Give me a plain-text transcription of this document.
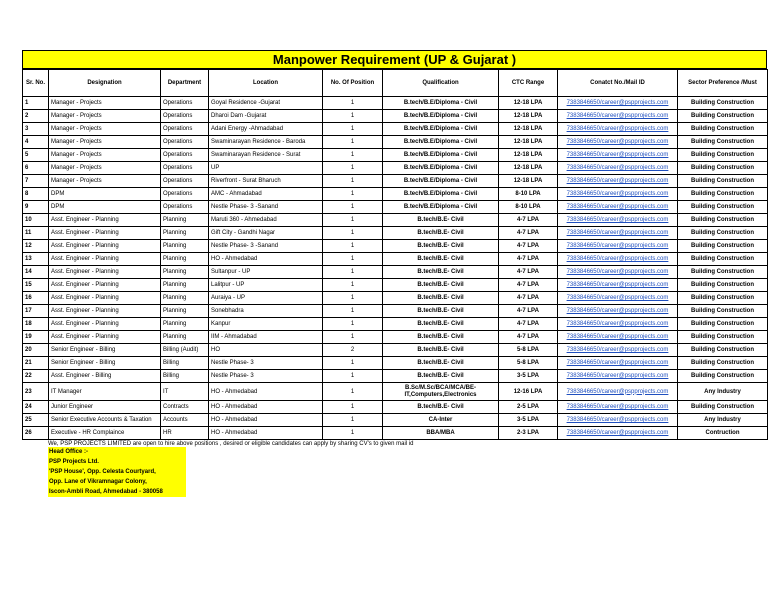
Manpower Requirement (UP & Gujarat )
Sr. No.	Designation	Department	Location	No. Of Position	Qualification	CTC Range	Conatct No./Mail ID	Sector Preference /Must
1	Manager - Projects	Operations	Goyal Residence -Gujarat	1	B.tech/B.E/Diploma - Civil	12-18 LPA	7383846650/career@pspprojects.com	Building Construction
2	Manager - Projects	Operations	Dharoi Dam -Gujarat	1	B.tech/B.E/Diploma - Civil	12-18 LPA	7383846650/career@pspprojects.com	Building Construction
3	Manager - Projects	Operations	Adani Energy -Ahmadabad	1	B.tech/B.E/Diploma - Civil	12-18 LPA	7383846650/career@pspprojects.com	Building Construction
4	Manager - Projects	Operations	Swaminarayan Residence - Baroda	1	B.tech/B.E/Diploma - Civil	12-18 LPA	7383846650/career@pspprojects.com	Building Construction
5	Manager - Projects	Operations	Swaminarayan Residence - Surat	1	B.tech/B.E/Diploma - Civil	12-18 LPA	7383846650/career@pspprojects.com	Building Construction
6	Manager - Projects	Operations	UP	1	B.tech/B.E/Diploma - Civil	12-18 LPA	7383846650/career@pspprojects.com	Building Construction
7	Manager - Projects	Operations	Riverfront - Surat Bharuch	1	B.tech/B.E/Diploma - Civil	12-18 LPA	7383846650/career@pspprojects.com	Building Construction
8	DPM	Operations	AMC - Ahmadabad	1	B.tech/B.E/Diploma - Civil	8-10 LPA	7383846650/career@pspprojects.com	Building Construction
9	DPM	Operations	Nestle Phase- 3 -Sanand	1	B.tech/B.E/Diploma - Civil	8-10 LPA	7383846650/career@pspprojects.com	Building Construction
10	Asst. Engineer - Planning	Planning	Maruti 360 - Ahmedabad	1	B.tech/B.E- Civil	4-7 LPA	7383846650/career@pspprojects.com	Building Construction
11	Asst. Engineer - Planning	Planning	Gift City - Gandhi Nagar	1	B.tech/B.E- Civil	4-7 LPA	7383846650/career@pspprojects.com	Building Construction
12	Asst. Engineer - Planning	Planning	Nestle Phase- 3 -Sanand	1	B.tech/B.E- Civil	4-7 LPA	7383846650/career@pspprojects.com	Building Construction
13	Asst. Engineer - Planning	Planning	HO - Ahmedabad	1	B.tech/B.E- Civil	4-7 LPA	7383846650/career@pspprojects.com	Building Construction
14	Asst. Engineer - Planning	Planning	Sultanpur - UP	1	B.tech/B.E- Civil	4-7 LPA	7383846650/career@pspprojects.com	Building Construction
15	Asst. Engineer - Planning	Planning	Lalitpur - UP	1	B.tech/B.E- Civil	4-7 LPA	7383846650/career@pspprojects.com	Building Construction
16	Asst. Engineer - Planning	Planning	Auraiya - UP	1	B.tech/B.E- Civil	4-7 LPA	7383846650/career@pspprojects.com	Building Construction
17	Asst. Engineer - Planning	Planning	Sonebhadra	1	B.tech/B.E- Civil	4-7 LPA	7383846650/career@pspprojects.com	Building Construction
18	Asst. Engineer - Planning	Planning	Kanpur	1	B.tech/B.E- Civil	4-7 LPA	7383846650/career@pspprojects.com	Building Construction
19	Asst. Engineer - Planning	Planning	IIM - Ahmadabad	1	B.tech/B.E- Civil	4-7 LPA	7383846650/career@pspprojects.com	Building Construction
20	Senior Engineer - Billing	Billing (Audit)	HO	2	B.tech/B.E- Civil	5-8 LPA	7383846650/career@pspprojects.com	Building Construction
21	Senior Engineer - Billing	Billing	Nestle Phase- 3	1	B.tech/B.E- Civil	5-8 LPA	7383846650/career@pspprojects.com	Building Construction
22	Asst. Engineer - Billing	Billing	Nestle Phase- 3	1	B.tech/B.E- Civil	3-5 LPA	7383846650/career@pspprojects.com	Building Construction
23	IT Manager	IT	HO - Ahmedabad	1	B.Sc/M.Sc/BCA/MCA/BE-IT,Computers,Electronics	12-16 LPA	7383846650/career@pspprojects.com	Any Industry
24	Junior Engineer	Contracts	HO - Ahmedabad	1	B.tech/B.E- Civil	2-5 LPA	7383846650/career@pspprojects.com	Building Construction
25	Senior Executive Accounts & Taxation	Accounts	HO - Ahmedabad	1	CA-Inter	3-5 LPA	7383846650/career@pspprojects.com	Any Industry
26	Executive - HR Complaince	HR	HO - Ahmedabad	1	BBA/MBA	2-3 LPA	7383846650/career@pspprojects.com	Contruction
We, PSP PROJECTS LIMITED are open to hire above positions , desired or eligible candidates can apply by sharing CV's to given mail id
Head Office :-
PSP Projects Ltd.
'PSP House', Opp. Celesta Courtyard,
Opp. Lane of Vikramnagar Colony,
Iscon-Ambli Road, Ahmedabad - 380058
